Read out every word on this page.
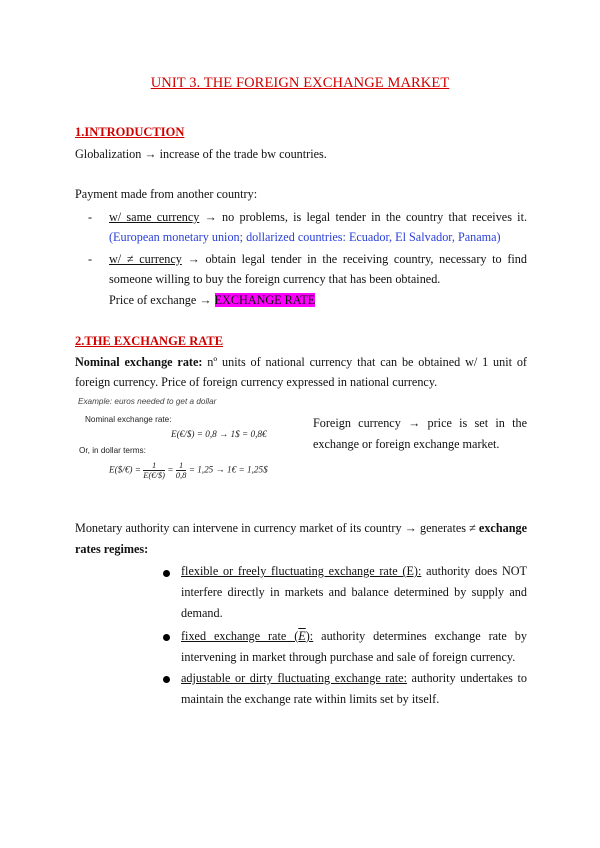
UNIT 3. THE FOREIGN EXCHANGE MARKET
1.INTRODUCTION
Globalization → increase of the trade bw countries.
Payment made from another country:
- w/ same currency → no problems, is legal tender in the country that receives it.
(European monetary union; dollarized countries: Ecuador, El Salvador, Panama)
- w/ ≠ currency → obtain legal tender in the receiving country, necessary to find
someone willing to buy the foreign currency that has been obtained.
Price of exchange → EXCHANGE RATE
2.THE EXCHANGE RATE
Nominal exchange rate: nº units of national currency that can be obtained w/ 1 unit of
foreign currency. Price of foreign currency expressed in national currency.
Example: euros needed to get a dollar
Nominal exchange rate:
E(€/$) = 0,8 → 1$ = 0,8€
Or, in dollar terms:
E($/€) = $\frac{1}{E(€/\$)} = \frac{1}{0,8} = 1,25$ → 1€ = 1,25$
Foreign currency → price is set in the
exchange or foreign exchange market.
Monetary authority can intervene in currency market of its country → generates ≠ exchange
rates regimes:
flexible or freely fluctuating exchange rate (E): authority does NOT
interfere directly in markets and balance determined by supply and
demand.
fixed exchange rate (E): authority determines exchange rate by
intervening in market through purchase and sale of foreign currency.
adjustable or dirty fluctuating exchange rate: authority undertakes to
maintain the exchange rate within limits set by itself.
